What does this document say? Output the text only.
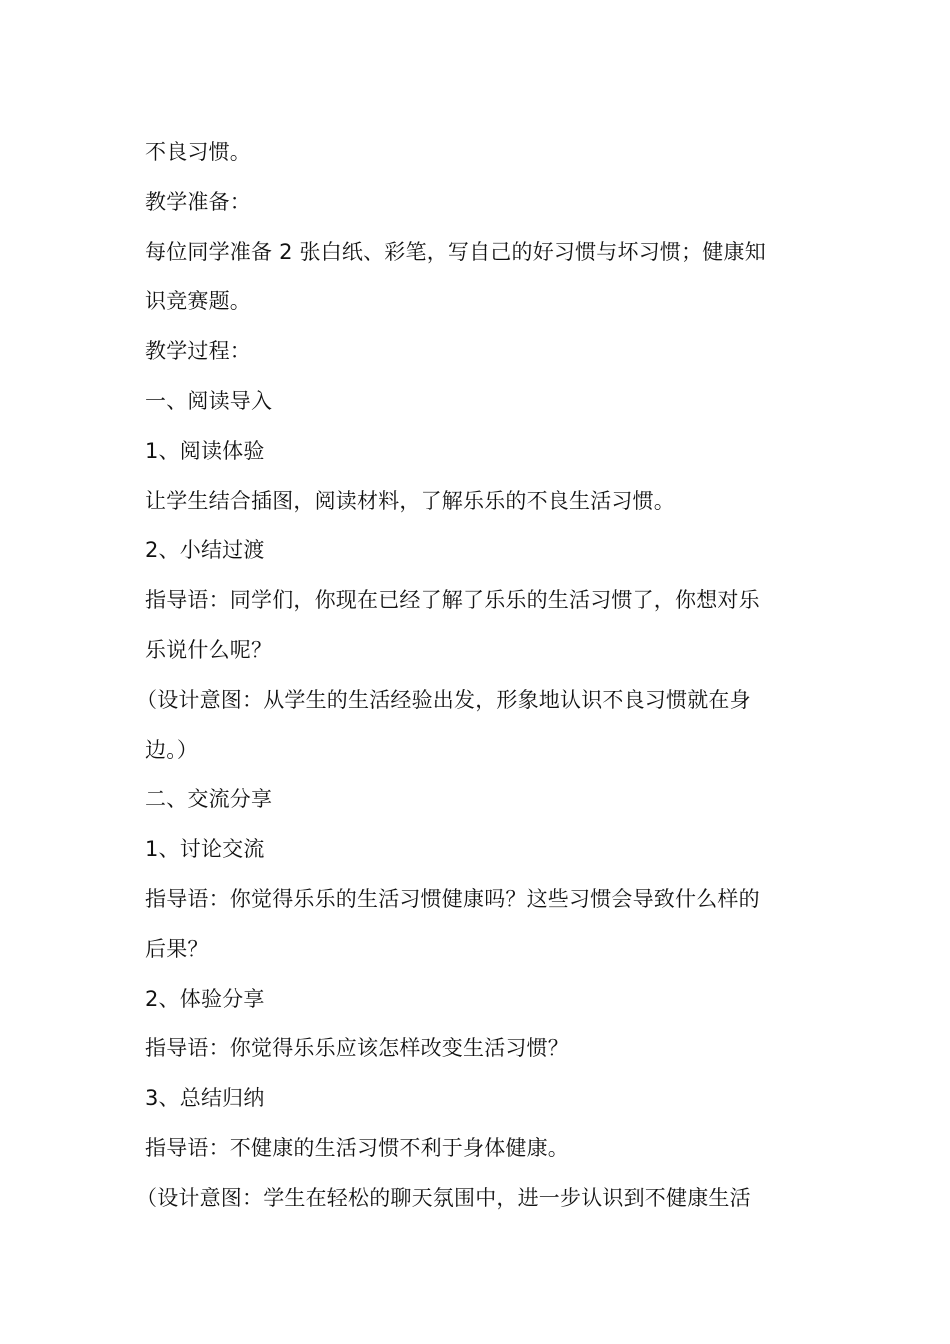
不良习惯。
教学准备：
每位同学准备 2 张白纸、彩笔，写自己的好习惯与坏习惯；健康知
识竞赛题。
教学过程：
一、阅读导入
1、阅读体验
让学生结合插图，阅读材料，了解乐乐的不良生活习惯。
2、小结过渡
指导语：同学们，你现在已经了解了乐乐的生活习惯了，你想对乐
乐说什么呢？
（设计意图：从学生的生活经验出发，形象地认识不良习惯就在身
边。）
二、交流分享
1、讨论交流
指导语：你觉得乐乐的生活习惯健康吗？这些习惯会导致什么样的
后果？
2、体验分享
指导语：你觉得乐乐应该怎样改变生活习惯？
3、总结归纳
指导语：不健康的生活习惯不利于身体健康。
（设计意图：学生在轻松的聊天氛围中，进一步认识到不健康生活
